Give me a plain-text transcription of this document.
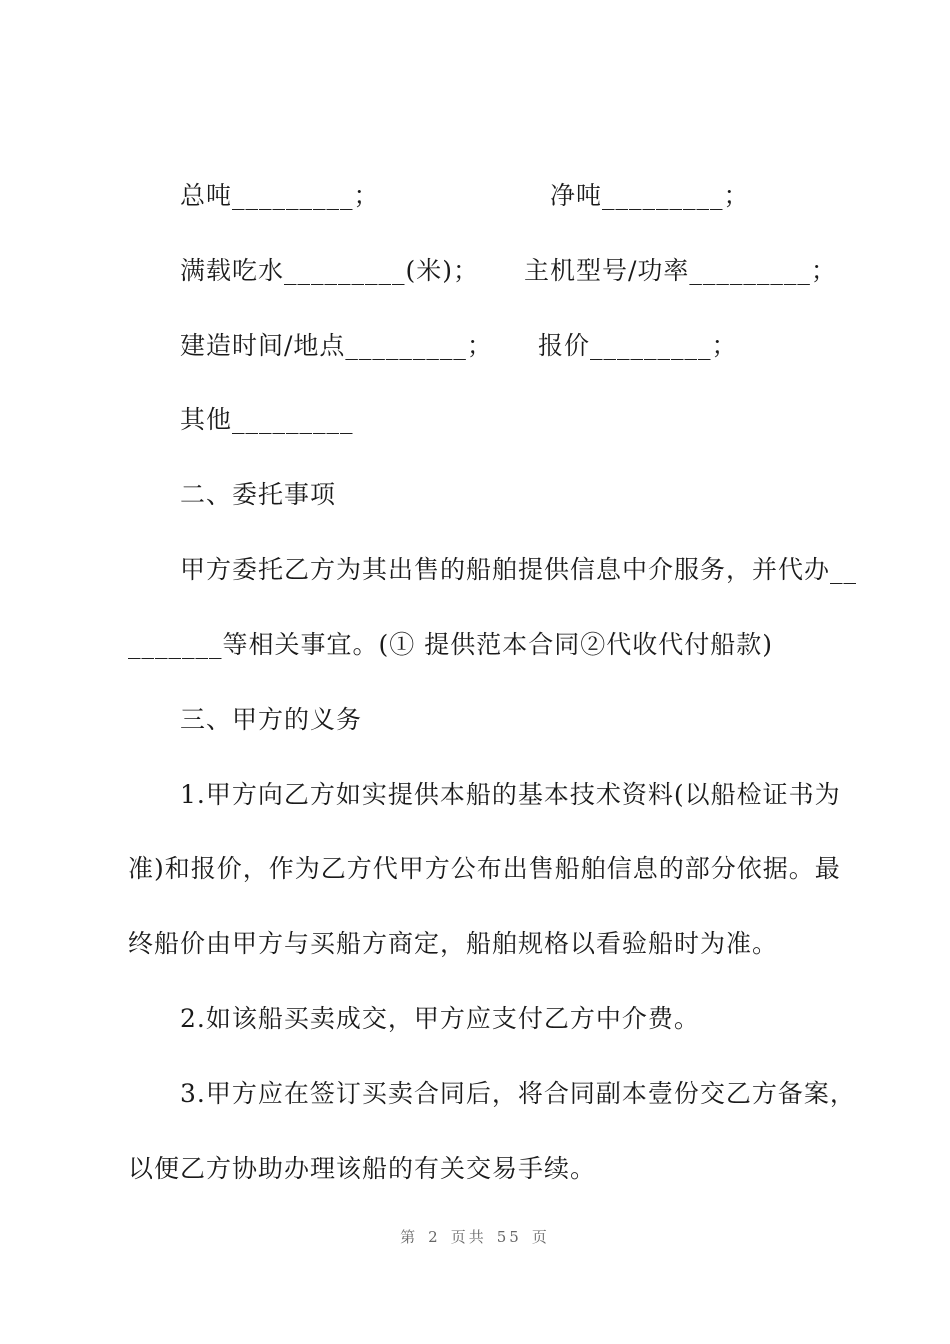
总吨_________；	净吨_________；
满载吃水_________(米)； 主机型号/功率_________；
建造时间/地点_________； 报价_________；
其他_________
二、委托事项
甲方委托乙方为其出售的船舶提供信息中介服务，并代办__
_______等相关事宜。(① 提供范本合同②代收代付船款)
三、甲方的义务
1.甲方向乙方如实提供本船的基本技术资料(以船检证书为
准)和报价，作为乙方代甲方公布出售船舶信息的部分依据。最
终船价由甲方与买船方商定，船舶规格以看验船时为准。
2.如该船买卖成交，甲方应支付乙方中介费。
3.甲方应在签订买卖合同后，将合同副本壹份交乙方备案，
以便乙方协助办理该船的有关交易手续。
第 2 页共 55 页
